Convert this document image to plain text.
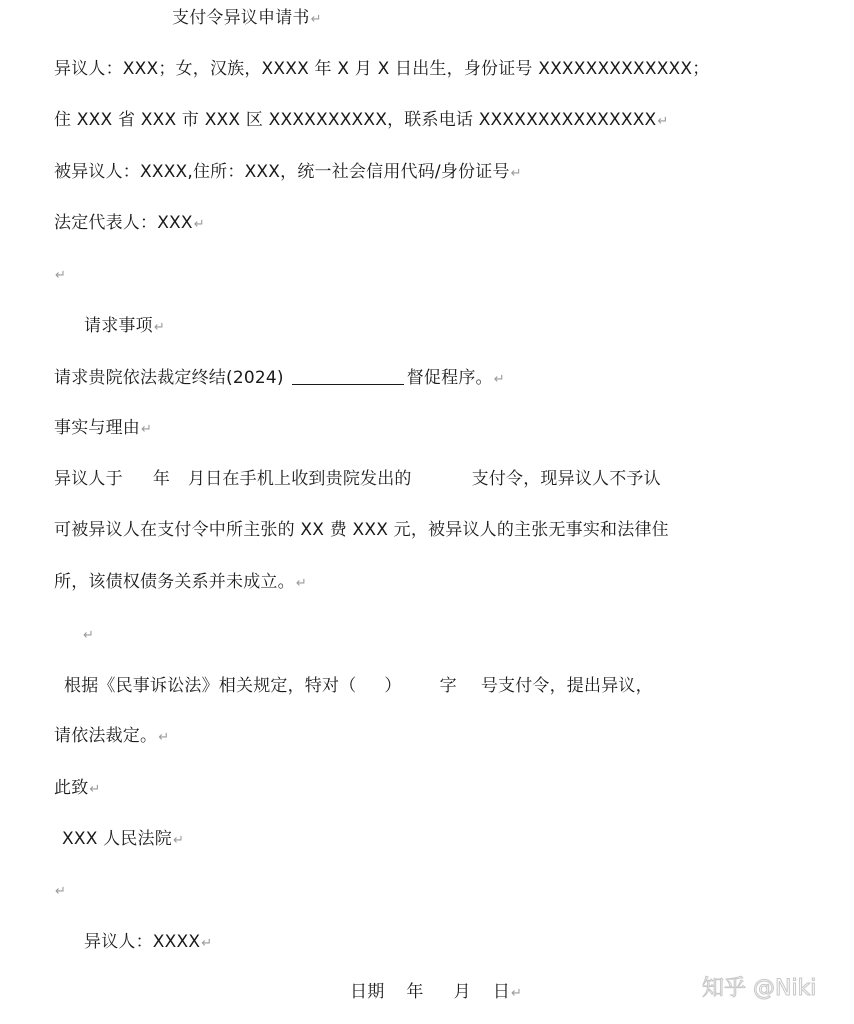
支付令异议申请书↵
异议人：XXX；女，汉族，XXXX 年 X 月 X 日出生，身份证号 XXXXXXXXXXXXX；
住 XXX 省 XXX 市 XXX 区 XXXXXXXXXX，联系电话 XXXXXXXXXXXXXXX↵
被异议人：XXXX,住所：XXX，统一社会信用代码/身份证号↵
法定代表人：XXX↵
↵
请求事项↵
请求贵院依法裁定终结(2024)	督促程序。↵
事实与理由↵
异议人于 年 月日在手机上收到贵院发出的	支付令，现异议人不予认
可被异议人在支付令中所主张的 XX 费 XXX 元，被异议人的主张无事实和法律住
所，该债权债务关系并未成立。↵
↵
根据《民事诉讼法》相关规定，特对（ ） 字 号支付令，提出异议，
请依法裁定。↵
此致↵
XXX 人民法院↵
↵
异议人：XXXX↵
日期 年 月 日↵	知乎 @Niki
